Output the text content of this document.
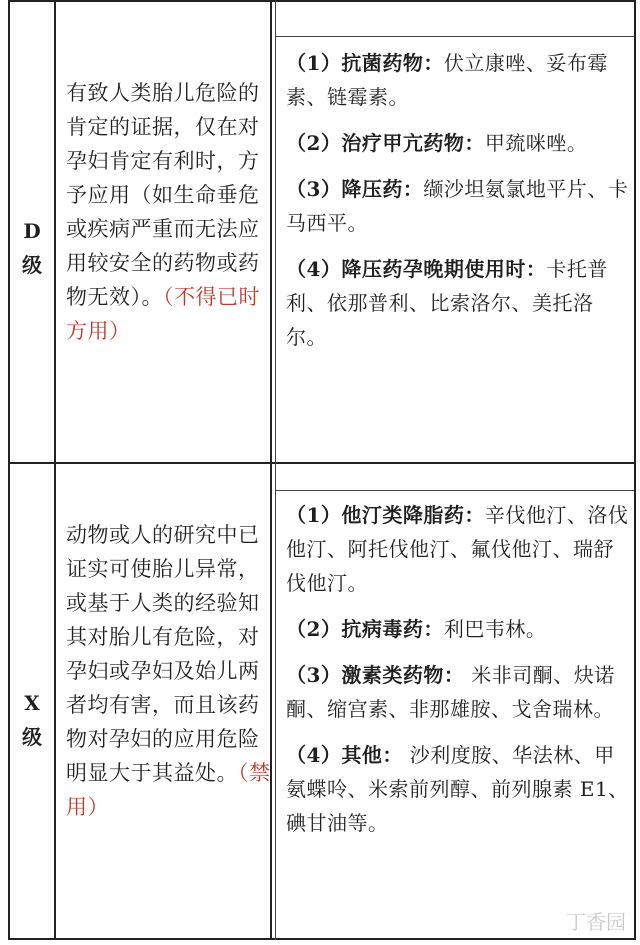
D
级
有致人类胎儿危险的肯定的证据，仅在对孕妇肯定有利时，方予应用（如生命垂危或疾病严重而无法应用较安全的药物或药物无效）。（不得已时方用）
（1）抗菌药物：伏立康唑、妥布霉素、链霉素。
（2）治疗甲亢药物：甲巯咪唑。
（3）降压药：缬沙坦氨氯地平片、卡马西平。
（4）降压药孕晚期使用时：卡托普利、依那普利、比索洛尔、美托洛尔。
X
级
动物或人的研究中已证实可使胎儿异常，或基于人类的经验知其对胎儿有危险，对孕妇或孕妇及始儿两者均有害，而且该药物对孕妇的应用危险明显大于其益处。（禁用）
（1）他汀类降脂药：辛伐他汀、洛伐他汀、阿托伐他汀、氟伐他汀、瑞舒伐他汀。
（2）抗病毒药：利巴韦林。
（3）激素类药物： 米非司酮、炔诺酮、缩宫素、非那雄胺、戈舍瑞林。
（4）其他： 沙利度胺、华法林、甲氨蝶呤、米索前列醇、前列腺素 E1、碘甘油等。
丁香园
